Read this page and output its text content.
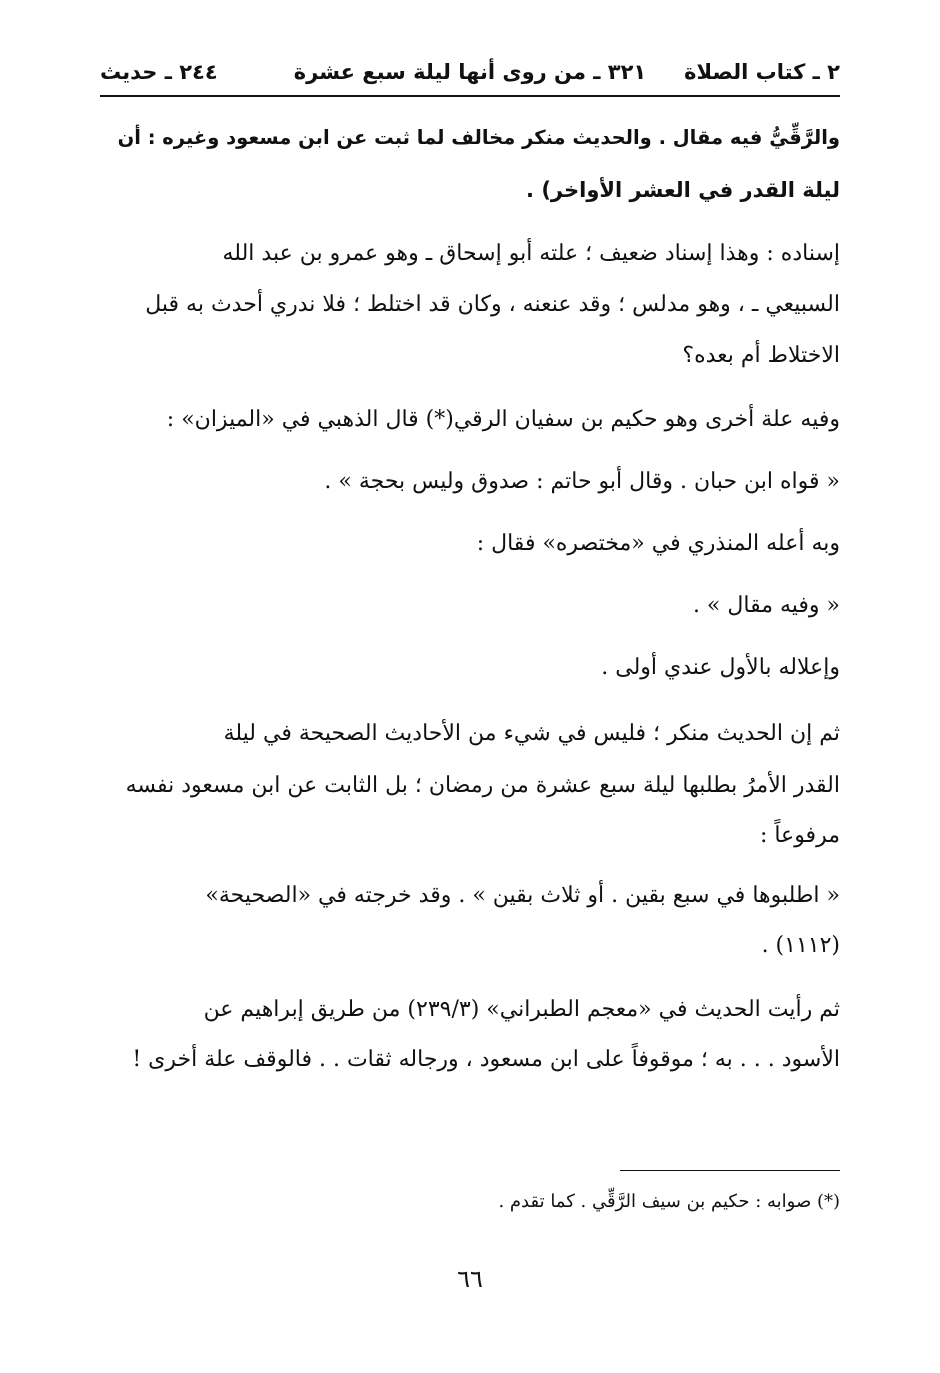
٢ ـ كتاب الصلاة
٣٢١ ـ من روى أنها ليلة سبع عشرة
٢٤٤ ـ حديث
والرَّقِّيُّ فيه مقال . والحديث منكر مخالف لما ثبت عن ابن مسعود وغيره : أن
ليلة القدر في العشر الأواخر) .
إسناده : وهذا إسناد ضعيف ؛ علته أبو إسحاق ـ وهو عمرو بن عبد الله
السبيعي ـ ، وهو مدلس ؛ وقد عنعنه ، وكان قد اختلط ؛ فلا ندري أحدث به قبل
الاختلاط أم بعده؟
وفيه علة أخرى وهو حكيم بن سفيان الرقي(*) قال الذهبي في «الميزان» :
« قواه ابن حبان . وقال أبو حاتم : صدوق وليس بحجة » .
وبه أعله المنذري في «مختصره» فقال :
« وفيه مقال » .
وإعلاله بالأول عندي أولى .
ثم إن الحديث منكر ؛ فليس في شيء من الأحاديث الصحيحة في ليلة
القدر الأمرُ بطلبها ليلة سبع عشرة من رمضان ؛ بل الثابت عن ابن مسعود نفسه
مرفوعاً :
« اطلبوها في سبع بقين . أو ثلاث بقين » . وقد خرجته في «الصحيحة»
(١١١٢) .
ثم رأيت الحديث في «معجم الطبراني» (٢٣٩/٣) من طريق إبراهيم عن
الأسود . . . به ؛ موقوفاً على ابن مسعود ، ورجاله ثقات . . فالوقف علة أخرى !
(*) صوابه : حكيم بن سيف الرَّقِّي . كما تقدم .
٦٦
